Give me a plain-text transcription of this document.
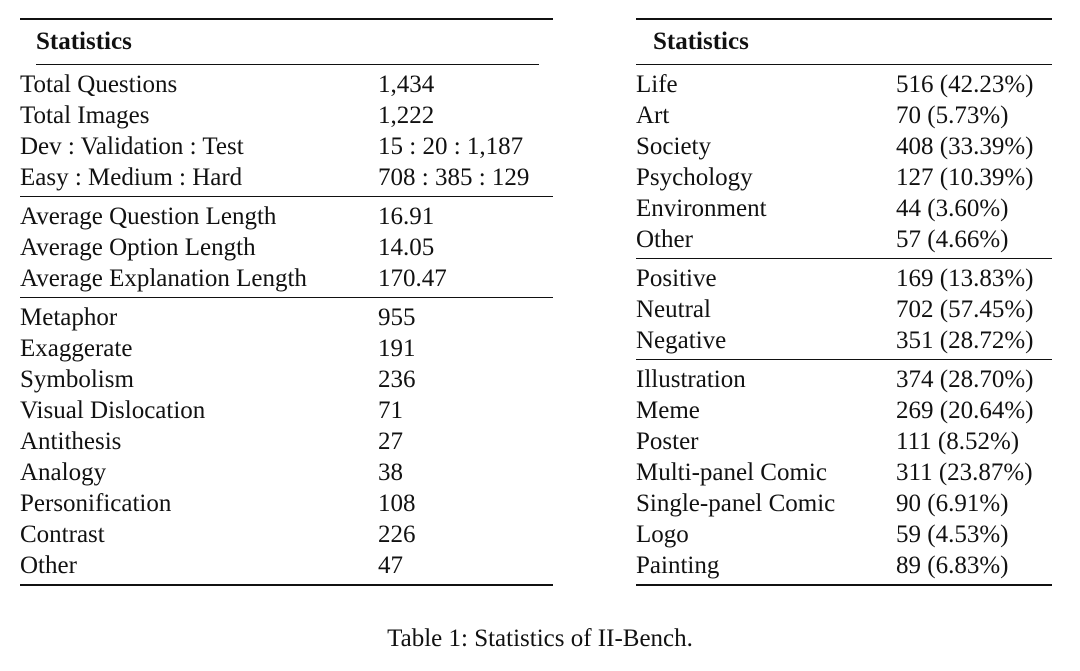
Statistics
Total Questions	1,434
Total Images	1,222
Dev : Validation : Test	15 : 20 : 1,187
Easy : Medium : Hard	708 : 385 : 129
Average Question Length	16.91
Average Option Length	14.05
Average Explanation Length	170.47
Metaphor	955
Exaggerate	191
Symbolism	236
Visual Dislocation	71
Antithesis	27
Analogy	38
Personification	108
Contrast	226
Other	47
Statistics
Life	516 (42.23%)
Art	70 (5.73%)
Society	408 (33.39%)
Psychology	127 (10.39%)
Environment	44 (3.60%)
Other	57 (4.66%)
Positive	169 (13.83%)
Neutral	702 (57.45%)
Negative	351 (28.72%)
Illustration	374 (28.70%)
Meme	269 (20.64%)
Poster	111 (8.52%)
Multi-panel Comic	311 (23.87%)
Single-panel Comic 90 (6.91%)
Logo	59 (4.53%)
Painting	89 (6.83%)
Table 1: Statistics of II-Bench.
